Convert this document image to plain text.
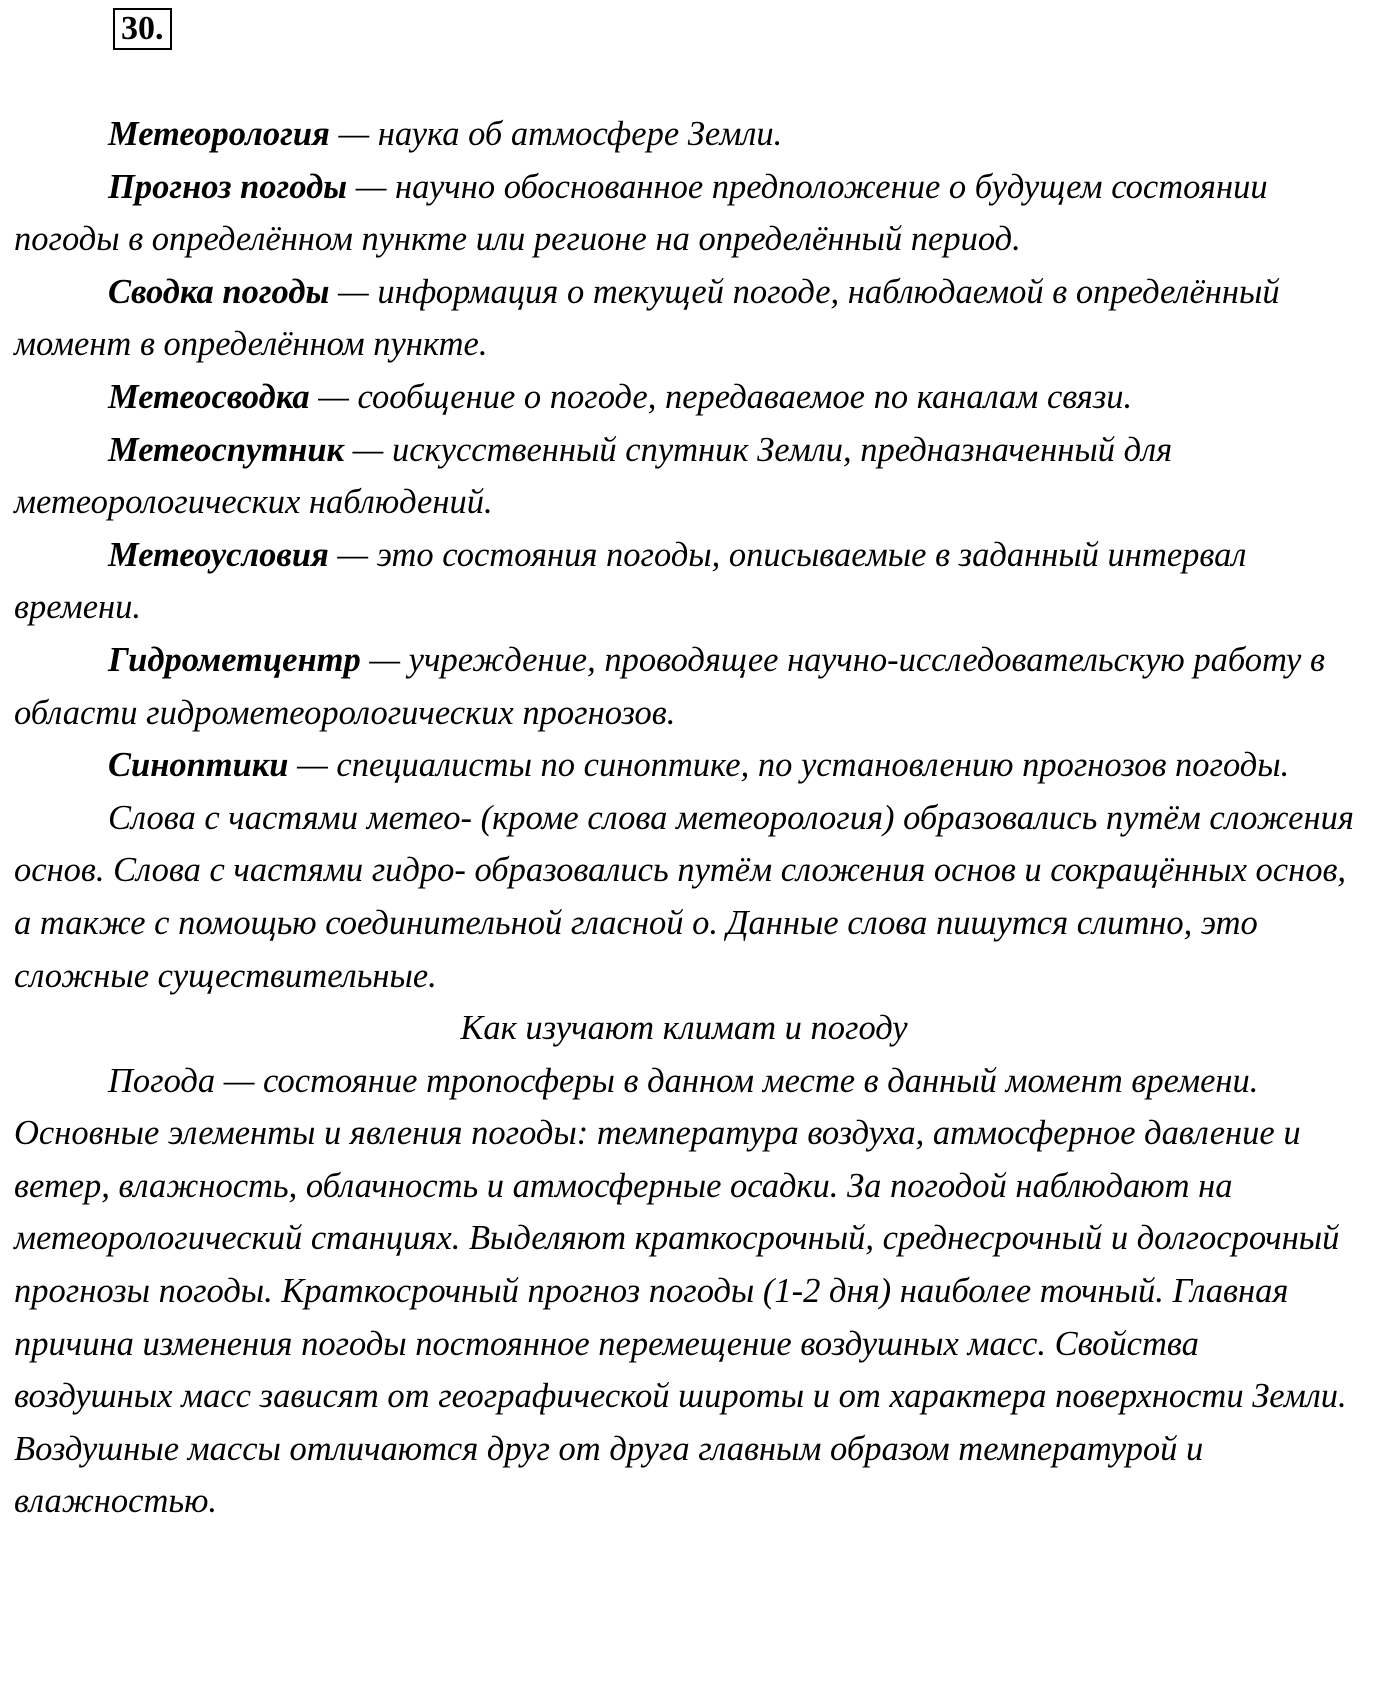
30.

Метеорология — наука об атмосфере Земли.

Прогноз погоды — научно обоснованное предположение о будущем состоянии погоды в определённом пункте или регионе на определённый период.

Сводка погоды — информация о текущей погоде, наблюдаемой в определённый момент в определённом пункте.

Метеосводка — сообщение о погоде, передаваемое по каналам связи.

Метеоспутник — искусственный спутник Земли, предназначенный для метеорологических наблюдений.

Метеоусловия — это состояния погоды, описываемые в заданный интервал времени.

Гидрометцентр — учреждение, проводящее научно-исследовательскую работу в области гидрометеорологических прогнозов.

Синоптики — специалисты по синоптике, по установлению прогнозов погоды.

Слова с частями метео- (кроме слова метеорология) образовались путём сложения основ. Слова с частями гидро- образовались путём сложения основ и сокращённых основ, а также с помощью соединительной гласной о. Данные слова пишутся слитно, это сложные существительные.

Как изучают климат и погоду

Погода — состояние тропосферы в данном месте в данный момент времени. Основные элементы и явления погоды: температура воздуха, атмосферное давление и ветер, влажность, облачность и атмосферные осадки. За погодой наблюдают на метеорологический станциях. Выделяют краткосрочный, среднесрочный и долгосрочный прогнозы погоды. Краткосрочный прогноз погоды (1-2 дня) наиболее точный. Главная причина изменения погоды постоянное перемещение воздушных масс. Свойства воздушных масс зависят от географической широты и от характера поверхности Земли. Воздушные массы отличаются друг от друга главным образом температурой и влажностью.
